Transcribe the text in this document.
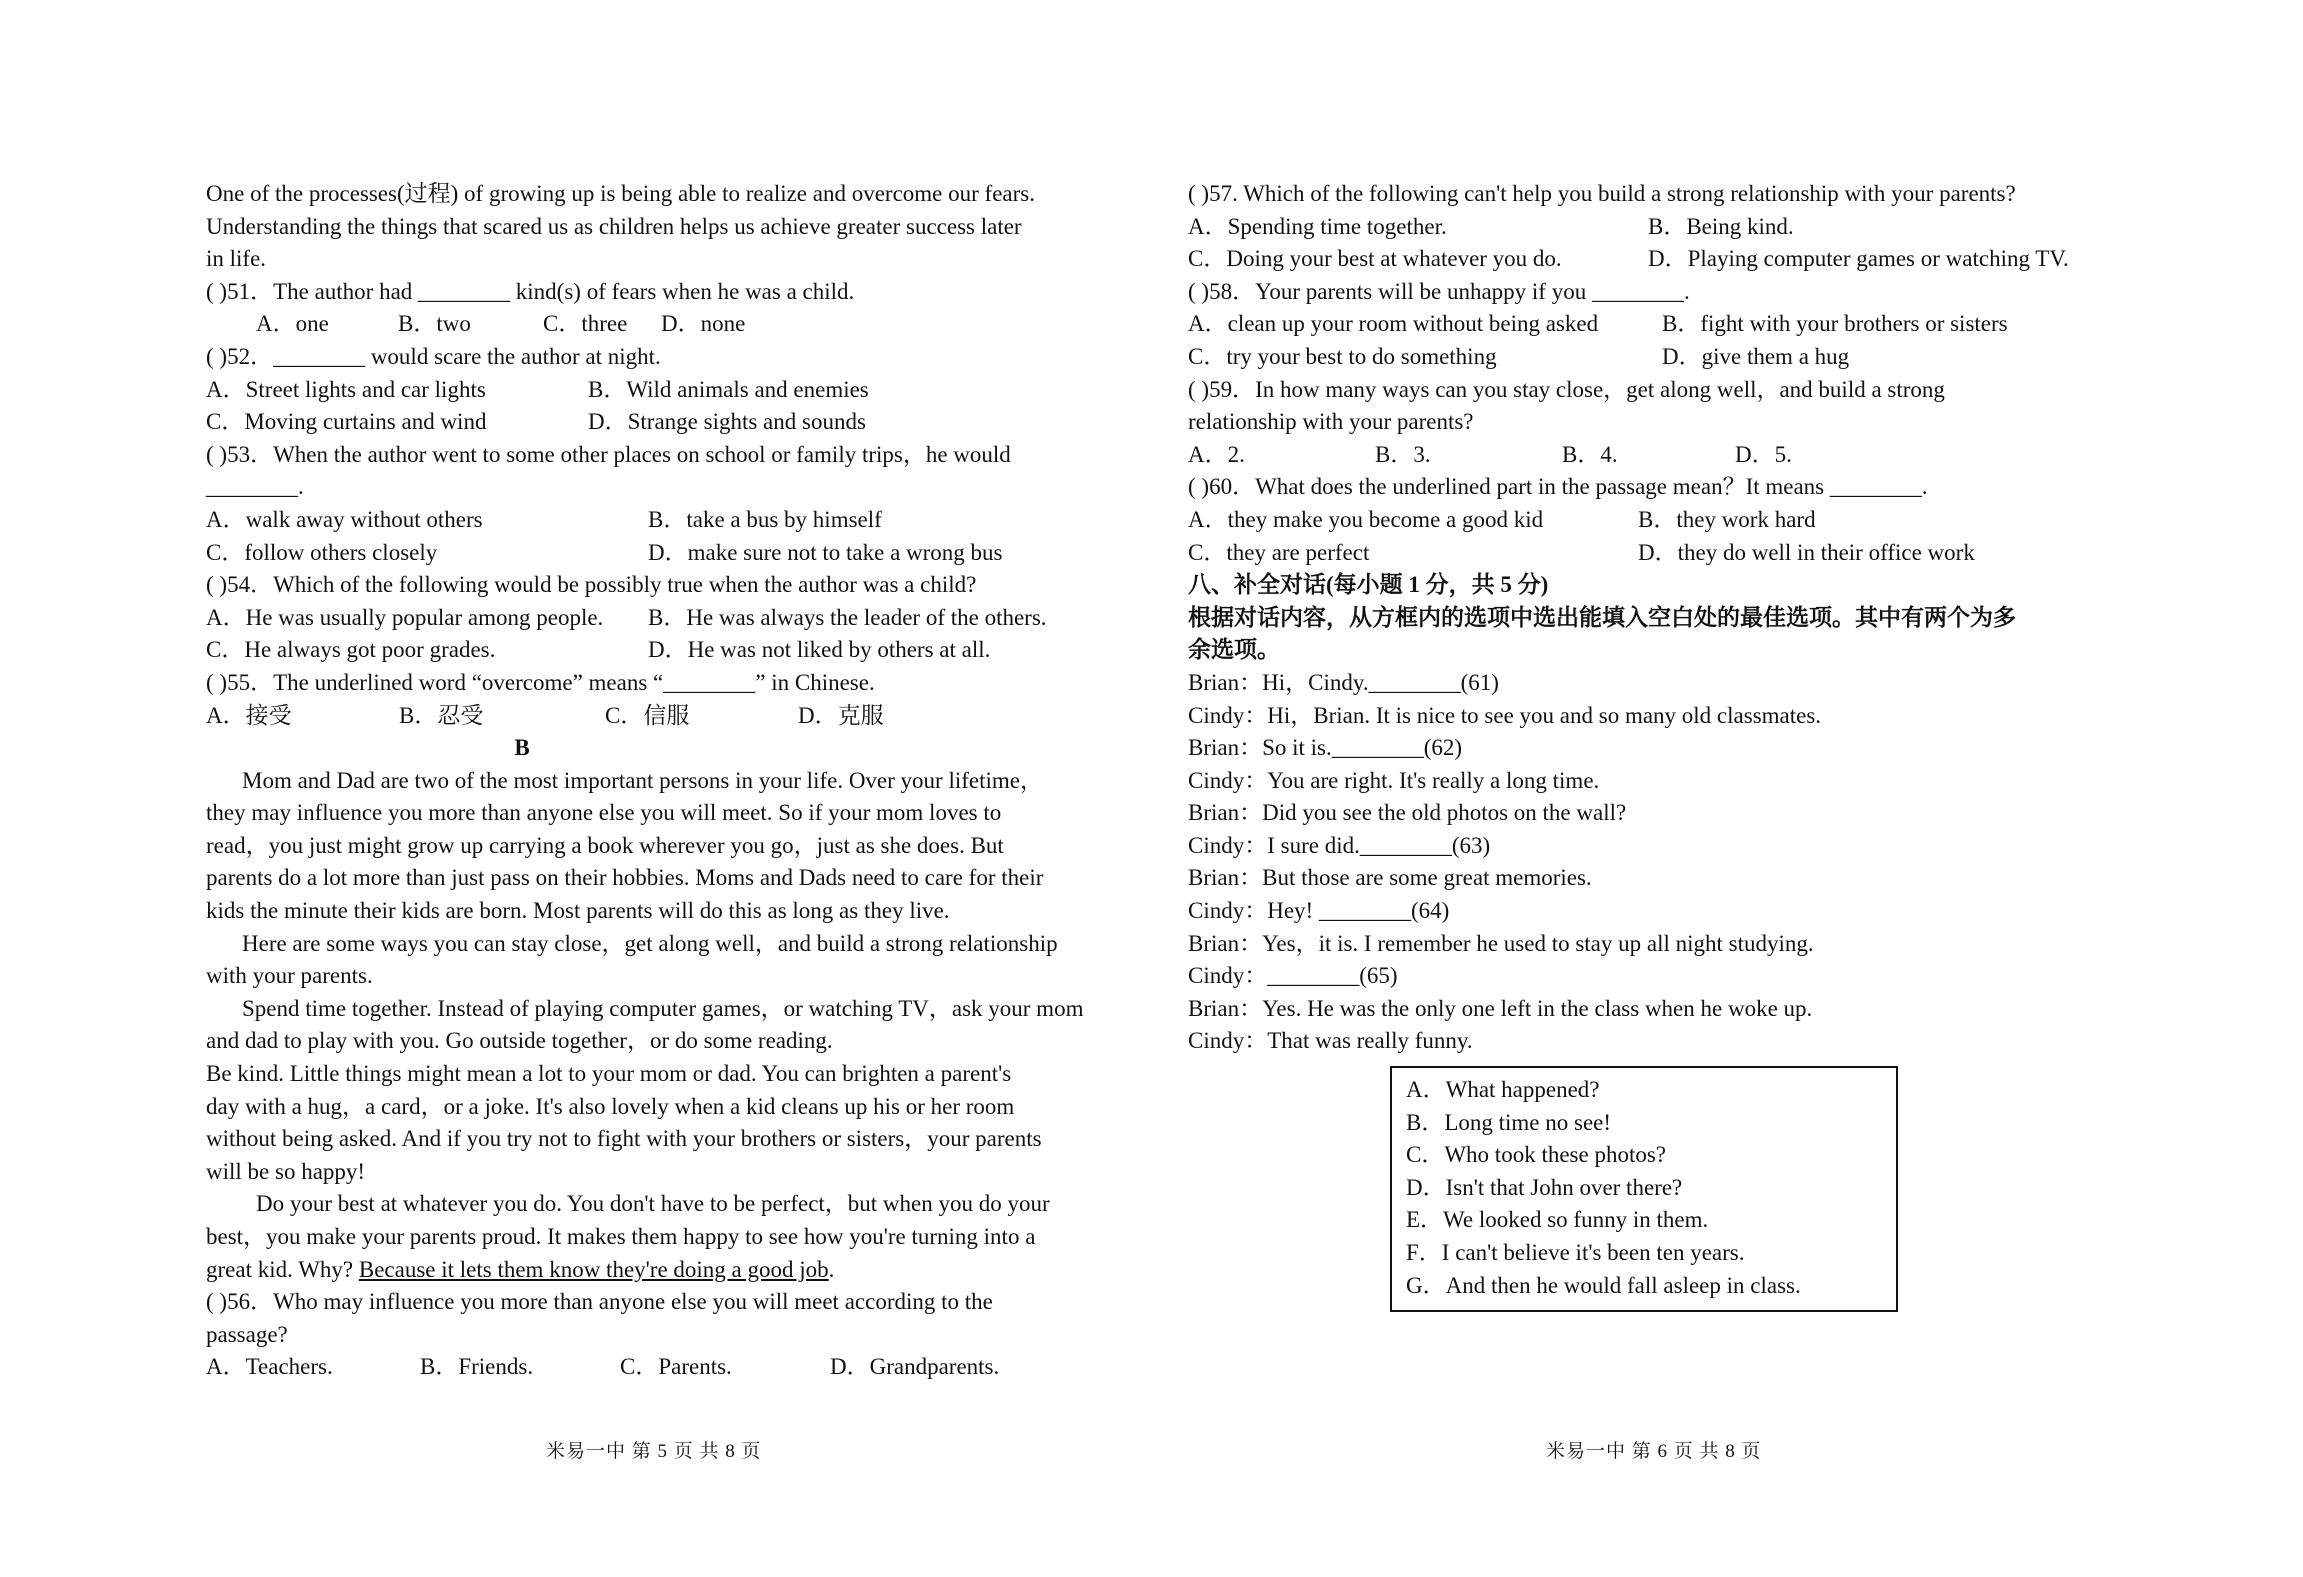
One of the processes(过程) of growing up is being able to realize and overcome our fears.

Understanding the things that scared us as children helps us achieve greater success later

in life.

( )51．The author had ________ kind(s) of fears when he was a child.

A．one	B．two	C．three	D．none

( )52．________ would scare the author at night.

A．Street lights and car lights	B．Wild animals and enemies

C．Moving curtains and wind	D．Strange sights and sounds

( )53．When the author went to some other places on school or family trips，he would

________.

A．walk away without others	B．take a bus by himself

C．follow others closely	D．make sure not to take a wrong bus

( )54．Which of the following would be possibly true when the author was a child?

A．He was usually popular among people.	B．He was always the leader of the others.

C．He always got poor grades.	D．He was not liked by others at all.

( )55．The underlined word “overcome” means “________” in Chinese.

A．接受	B．忍受	C．信服	D．克服

B

Mom and Dad are two of the most important persons in your life. Over your lifetime，

they may influence you more than anyone else you will meet. So if your mom loves to

read，you just might grow up carrying a book wherever you go，just as she does. But

parents do a lot more than just pass on their hobbies. Moms and Dads need to care for their

kids the minute their kids are born. Most parents will do this as long as they live.

Here are some ways you can stay close，get along well，and build a strong relationship

with your parents.

Spend time together. Instead of playing computer games，or watching TV，ask your mom

and dad to play with you. Go outside together，or do some reading.

Be kind. Little things might mean a lot to your mom or dad. You can brighten a parent's

day with a hug，a card，or a joke. It's also lovely when a kid cleans up his or her room

without being asked. And if you try not to fight with your brothers or sisters，your parents

will be so happy!

Do your best at whatever you do. You don't have to be perfect，but when you do your

best，you make your parents proud. It makes them happy to see how you're turning into a

great kid. Why? Because it lets them know they're doing a good job.

( )56．Who may influence you more than anyone else you will meet according to the

passage?

A．Teachers.	B．Friends.	C．Parents.	D．Grandparents.

( )57. Which of the following can't help you build a strong relationship with your parents?

A．Spending time together.	B．Being kind.

C．Doing your best at whatever you do.	D．Playing computer games or watching TV.

( )58．Your parents will be unhappy if you ________.

A．clean up your room without being asked	B．fight with your brothers or sisters

C．try your best to do something	D．give them a hug

( )59．In how many ways can you stay close，get along well，and build a strong

relationship with your parents?

A．2.	B．3.	B．4.	D．5.

( )60．What does the underlined part in the passage mean？It means ________.

A．they make you become a good kid	B．they work hard

C．they are perfect	D．they do well in their office work

八、补全对话(每小题 1 分，共 5 分)

根据对话内容，从方框内的选项中选出能填入空白处的最佳选项。其中有两个为多

余选项。

Brian：Hi，Cindy.________(61)

Cindy：Hi，Brian. It is nice to see you and so many old classmates.

Brian：So it is.________(62)

Cindy：You are right. It's really a long time.

Brian：Did you see the old photos on the wall?

Cindy：I sure did.________(63)

Brian：But those are some great memories.

Cindy：Hey! ________(64)

Brian：Yes，it is. I remember he used to stay up all night studying.

Cindy：________(65)

Brian：Yes. He was the only one left in the class when he woke up.

Cindy：That was really funny.

A．What happened?

B．Long time no see!

C．Who took these photos?

D．Isn't that John over there?

E．We looked so funny in them.

F．I can't believe it's been ten years.

G．And then he would fall asleep in class.

米易一中 第 5 页 共 8 页	米易一中 第 6 页 共 8 页
